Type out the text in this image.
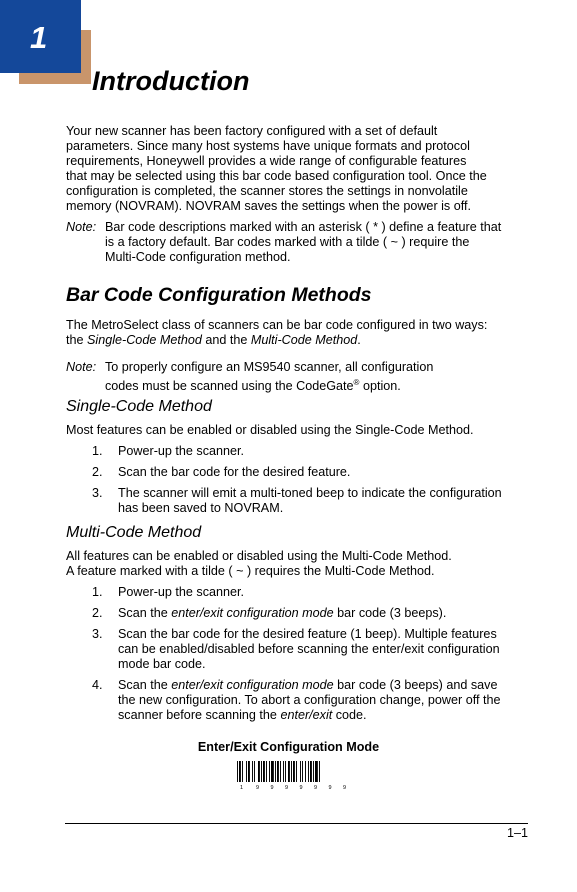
1
Introduction
Your new scanner has been factory configured with a set of default
parameters. Since many host systems have unique formats and protocol
requirements, Honeywell provides a wide range of configurable features
that may be selected using this bar code based configuration tool. Once the
configuration is completed, the scanner stores the settings in nonvolatile
memory (NOVRAM). NOVRAM saves the settings when the power is off.
Note: Bar code descriptions marked with an asterisk ( * ) define a feature that
is a factory default. Bar codes marked with a tilde ( ~ ) require the
Multi-Code configuration method.
Bar Code Configuration Methods
The MetroSelect class of scanners can be bar code configured in two ways:
the Single-Code Method and the Multi-Code Method.
Note: To properly configure an MS9540 scanner, all configuration
codes must be scanned using the CodeGate® option.
Single-Code Method
Most features can be enabled or disabled using the Single-Code Method.
1. Power-up the scanner.
2. Scan the bar code for the desired feature.
3. The scanner will emit a multi-toned beep to indicate the configuration
has been saved to NOVRAM.
Multi-Code Method
All features can be enabled or disabled using the Multi-Code Method.
A feature marked with a tilde ( ~ ) requires the Multi-Code Method.
1. Power-up the scanner.
2. Scan the enter/exit configuration mode bar code (3 beeps).
3. Scan the bar code for the desired feature (1 beep). Multiple features
can be enabled/disabled before scanning the enter/exit configuration
mode bar code.
4. Scan the enter/exit configuration mode bar code (3 beeps) and save
the new configuration. To abort a configuration change, power off the
scanner before scanning the enter/exit code.
Enter/Exit Configuration Mode
1 9 9 9 9 9 9 9
1–1
